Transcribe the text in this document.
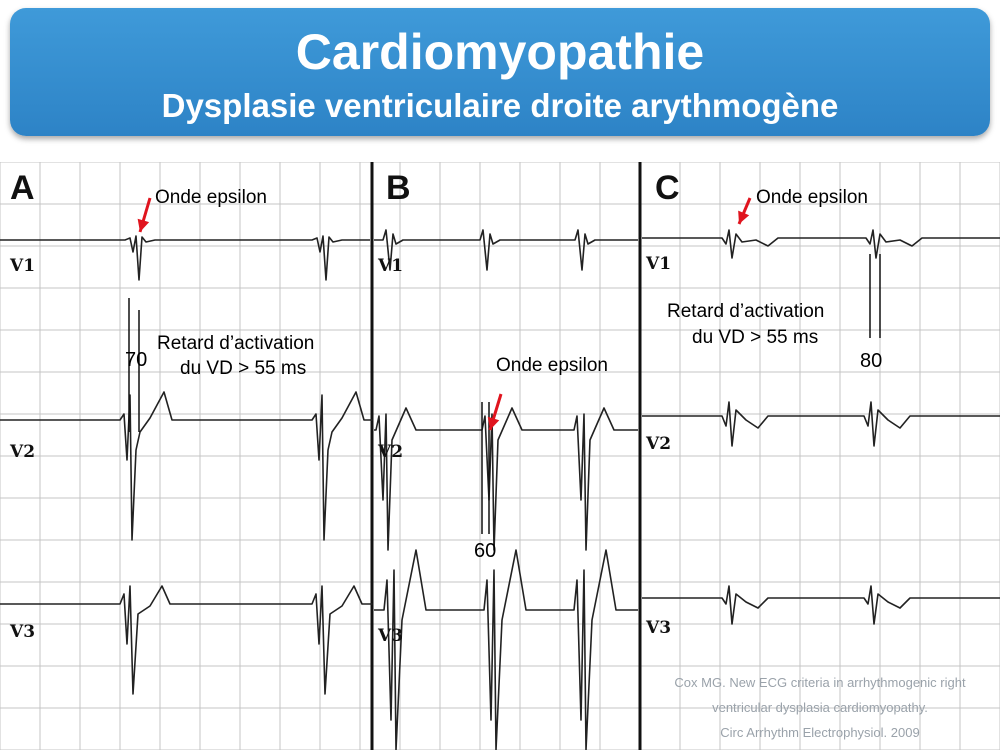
Cardiomyopathie
Dysplasie ventriculaire droite arythmogène
A
V1
V2
V3
Onde epsilon
Retard d’activation
du VD > 55 ms
70
B
V1
V2
V3
Onde epsilon
60
C
V1
V2
V3
Onde epsilon
Retard d’activation
du VD > 55 ms
80
Cox MG. New ECG criteria in arrhythmogenic right
ventricular dysplasia cardiomyopathy.
Circ Arrhythm Electrophysiol. 2009
